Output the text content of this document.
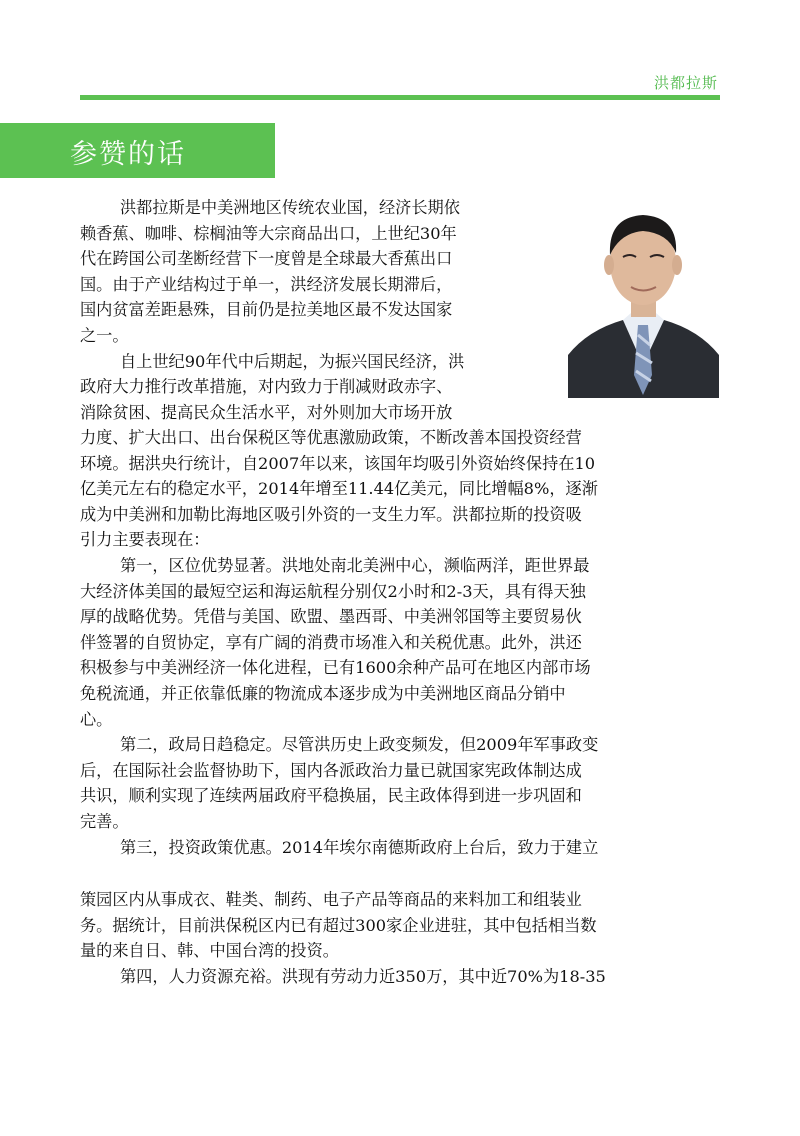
洪都拉斯
参赞的话
洪都拉斯是中美洲地区传统农业国，经济长期依
赖香蕉、咖啡、棕榈油等大宗商品出口，上世纪30年
代在跨国公司垄断经营下一度曾是全球最大香蕉出口
国。由于产业结构过于单一，洪经济发展长期滞后，
国内贫富差距悬殊，目前仍是拉美地区最不发达国家
之一。
自上世纪90年代中后期起，为振兴国民经济，洪
政府大力推行改革措施，对内致力于削减财政赤字、
消除贫困、提高民众生活水平，对外则加大市场开放
力度、扩大出口、出台保税区等优惠激励政策，不断改善本国投资经营
环境。据洪央行统计，自2007年以来，该国年均吸引外资始终保持在10
亿美元左右的稳定水平，2014年增至11.44亿美元，同比增幅8%，逐渐
成为中美洲和加勒比海地区吸引外资的一支生力军。洪都拉斯的投资吸
引力主要表现在：
第一，区位优势显著。洪地处南北美洲中心，濒临两洋，距世界最
大经济体美国的最短空运和海运航程分别仅2小时和2-3天，具有得天独
厚的战略优势。凭借与美国、欧盟、墨西哥、中美洲邻国等主要贸易伙
伴签署的自贸协定，享有广阔的消费市场准入和关税优惠。此外，洪还
积极参与中美洲经济一体化进程，已有1600余种产品可在地区内部市场
免税流通，并正依靠低廉的物流成本逐步成为中美洲地区商品分销中
心。
第二，政局日趋稳定。尽管洪历史上政变频发，但2009年军事政变
后，在国际社会监督协助下，国内各派政治力量已就国家宪政体制达成
共识，顺利实现了连续两届政府平稳换届，民主政体得到进一步巩固和
完善。
第三，投资政策优惠。2014年埃尔南德斯政府上台后，致力于建立
策园区内从事成衣、鞋类、制药、电子产品等商品的来料加工和组装业
务。据统计，目前洪保税区内已有超过300家企业进驻，其中包括相当数
量的来自日、韩、中国台湾的投资。
第四，人力资源充裕。洪现有劳动力近350万，其中近70%为18-35
